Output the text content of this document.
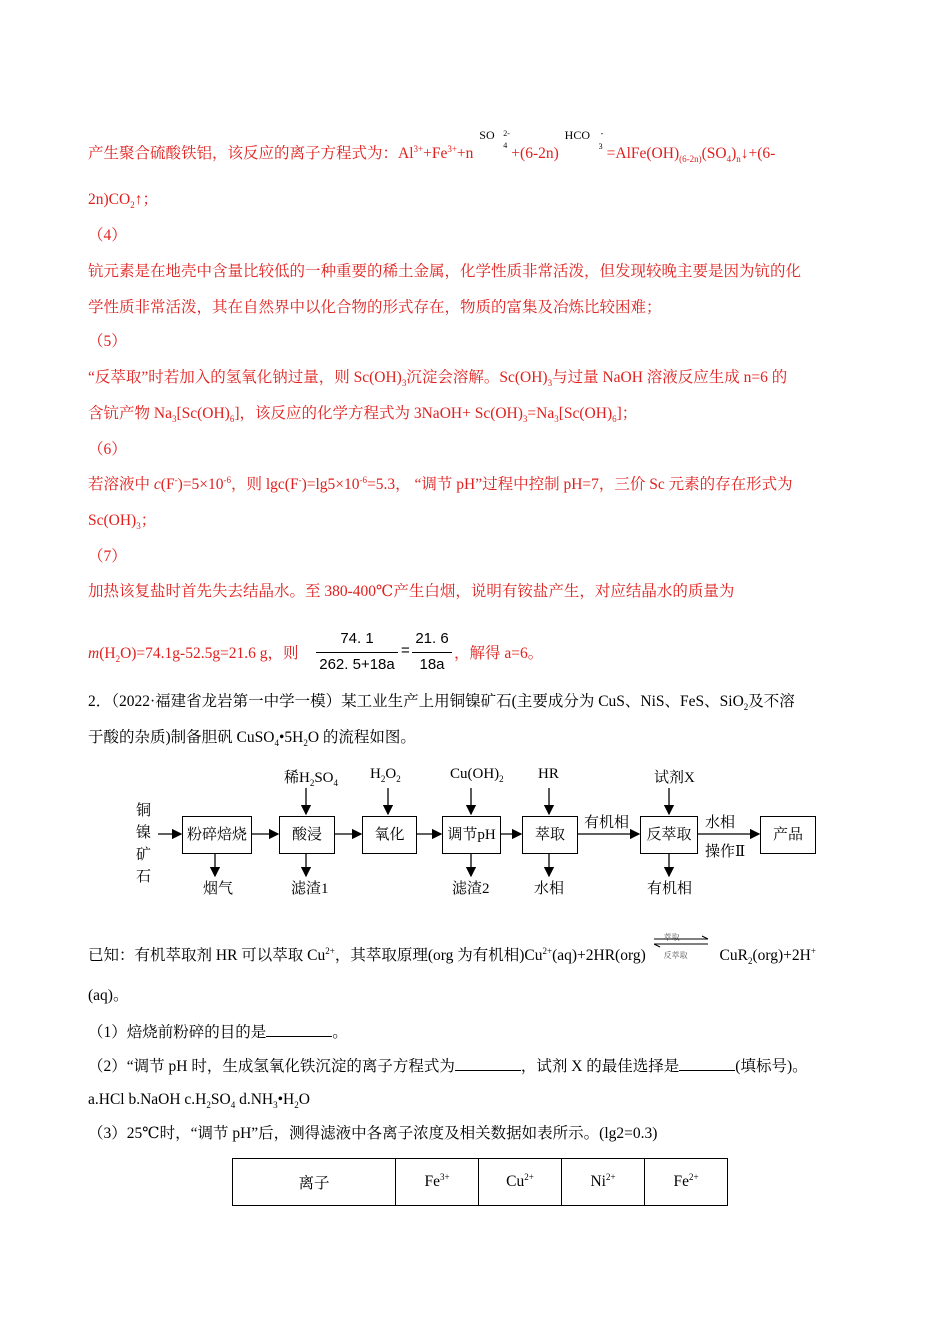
产生聚合硫酸铁铝，该反应的离子方程式为：$Al^{3+}+Fe^{3+}+n$
SO 2-
4 +(6-2n)
HCO
3
-
$=AlFe(OH)_{(6-2n)}(SO_4)_n↓+(6-$
$2n)CO_2↑$；
（4）
钪元素是在地壳中含量比较低的一种重要的稀土金属，化学性质非常活泼，但发现较晚主要是因为钪的化
学性质非常活泼，其在自然界中以化合物的形式存在，物质的富集及冶炼比较困难；
（5）
“反萃取”时若加入的氢氧化钠过量，则 $Sc(OH)_3$沉淀会溶解。$Sc(OH)_3$与过量 NaOH 溶液反应生成 n=6 的
含钪产物 $Na_3[Sc(OH)_6]$，该反应的化学方程式为 3NaOH+ $Sc(OH)_3=Na_3[Sc(OH)_6]$；
（6）
若溶液中 $c(F^-)=5\times 10^{-6}$，则 $\lg c(F^-)=\lg 5\times 10^{-6}=5.3$， “调节 pH”过程中控制 pH=7，三价 Sc 元素的存在形式为
$Sc(OH)_3$；
（7）
加热该复盐时首先失去结晶水。至 380-400℃产生白烟，说明有铵盐产生，对应结晶水的质量为
$m(H_2O)=74.1g-52.5g=21.6$ g，则
74. 1
262. 5+18a
=
21. 6
18a
，解得 a=6。
2．（2022·福建省龙岩第一中学一模）某工业生产上用铜镍矿石(主要成分为 CuS、NiS、FeS、SiO$_2$及不溶
于酸的杂质)制备胆矾 $CuSO_4•5H_2O$ 的流程如图。
铜
镍
矿
石
粉碎焙烧	酸浸	氧化	调节pH	萃取	反萃取	产品
稀$H_2SO_4$
$H_2O_2$	$Cu(OH)_2$ HR	试剂X
烟气	滤渣1	滤渣2	水相	有机相
有机相	水相
操作Ⅱ
已知：有机萃取剂 HR 可以萃取 $Cu^{2+}$，其萃取原理(org 为有机相)$Cu^{2+}(aq)+2HR(org)$
萃取
反萃取 CuR$_2$(org)+2H+
(aq)。
（1）焙烧前粉碎的目的是	。
（2）“调节 pH 时，生成氢氧化铁沉淀的离子方程式为	，试剂 X 的最佳选择是	(填标号)。
a.HCl b.NaOH $c.H_2SO_4$ $d.NH_3•H_2O$
（3）25℃时，“调节 pH”后，测得滤液中各离子浓度及相关数据如表所示。(lg2=0.3)
离子	$Fe^{3+}$	$Cu^{2+}$	$Ni^{2+}$	$Fe^{2+}$
